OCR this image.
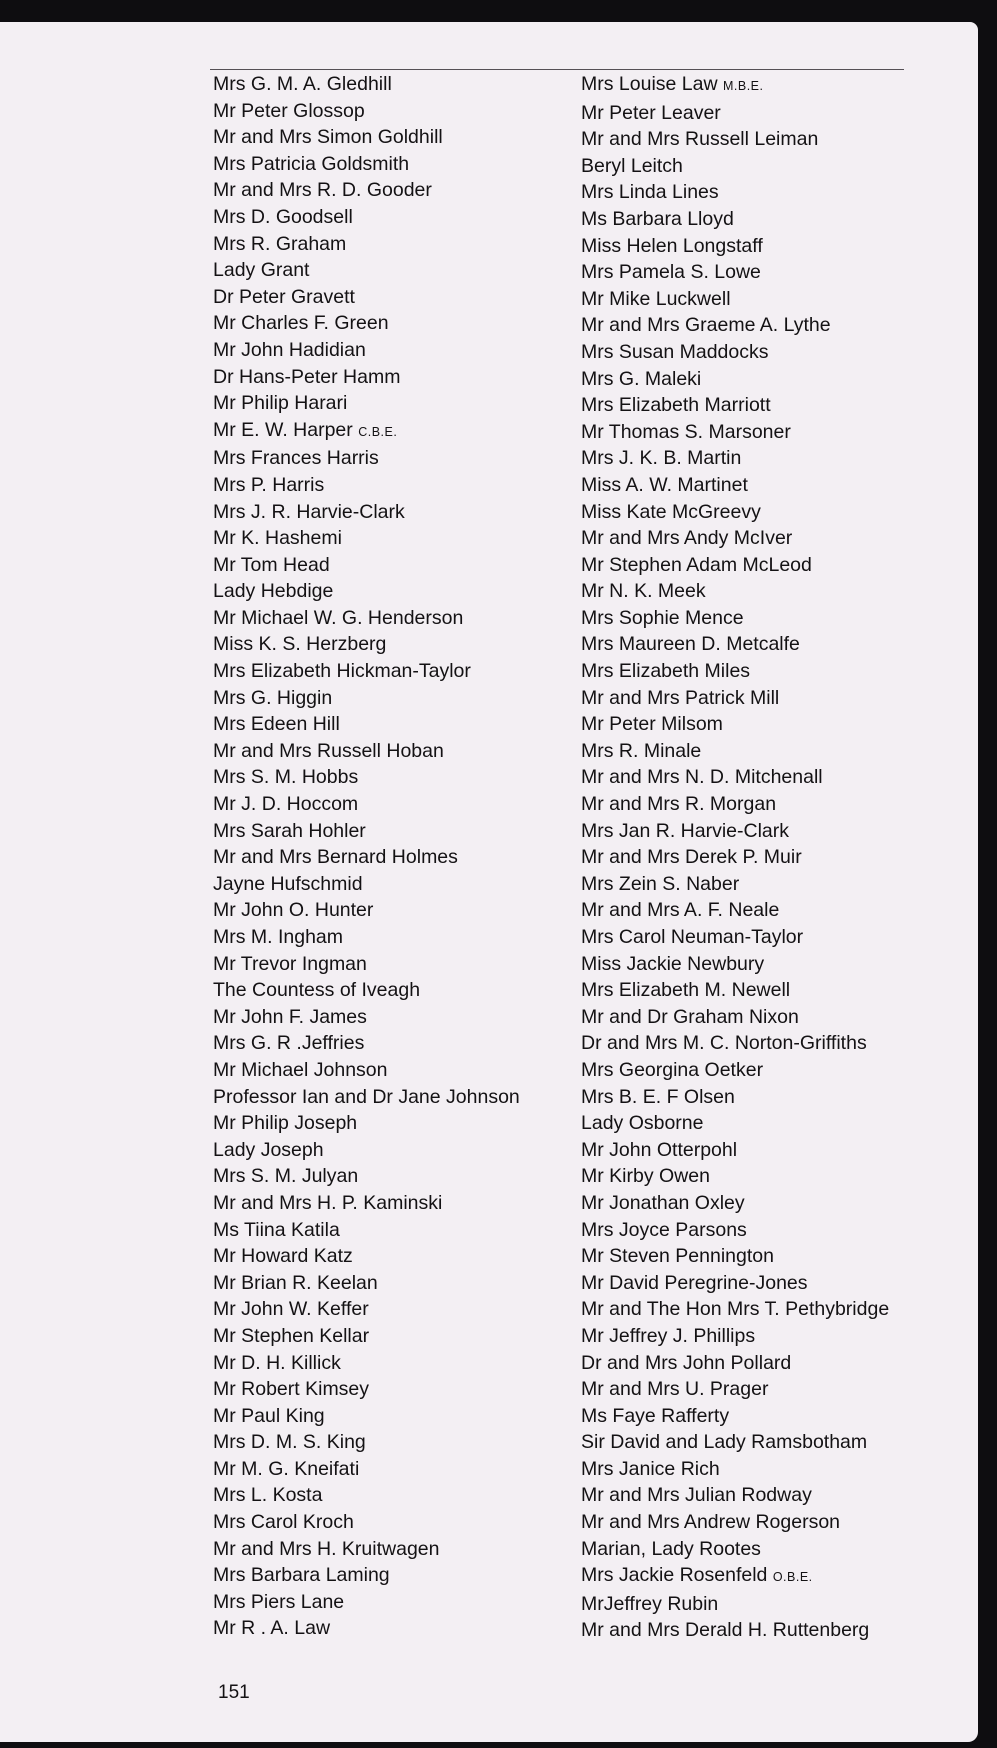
Mrs G. M. A. Gledhill
Mr Peter Glossop
Mr and Mrs Simon Goldhill
Mrs Patricia Goldsmith
Mr and Mrs R. D. Gooder
Mrs D. Goodsell
Mrs R. Graham
Lady Grant
Dr Peter Gravett
Mr Charles F. Green
Mr John Hadidian
Dr Hans-Peter Hamm
Mr Philip Harari
Mr E. W. Harper C.B.E.
Mrs Frances Harris
Mrs P. Harris
Mrs J. R. Harvie-Clark
Mr K. Hashemi
Mr Tom Head
Lady Hebdige
Mr Michael W. G. Henderson
Miss K. S. Herzberg
Mrs Elizabeth Hickman-Taylor
Mrs G. Higgin
Mrs Edeen Hill
Mr and Mrs Russell Hoban
Mrs S. M. Hobbs
Mr J. D. Hoccom
Mrs Sarah Hohler
Mr and Mrs Bernard Holmes
Jayne Hufschmid
Mr John O. Hunter
Mrs M. Ingham
Mr Trevor Ingman
The Countess of Iveagh
Mr John F. James
Mrs G. R .Jeffries
Mr Michael Johnson
Professor Ian and Dr Jane Johnson
Mr Philip Joseph
Lady Joseph
Mrs S. M. Julyan
Mr and Mrs H. P. Kaminski
Ms Tiina Katila
Mr Howard Katz
Mr Brian R. Keelan
Mr John W. Keffer
Mr Stephen Kellar
Mr D. H. Killick
Mr Robert Kimsey
Mr Paul King
Mrs D. M. S. King
Mr M. G. Kneifati
Mrs L. Kosta
Mrs Carol Kroch
Mr and Mrs H. Kruitwagen
Mrs Barbara Laming
Mrs Piers Lane
Mr R . A. Law
Mrs Louise Law M.B.E.
Mr Peter Leaver
Mr and Mrs Russell Leiman
Beryl Leitch
Mrs Linda Lines
Ms Barbara Lloyd
Miss Helen Longstaff
Mrs Pamela S. Lowe
Mr Mike Luckwell
Mr and Mrs Graeme A. Lythe
Mrs Susan Maddocks
Mrs G. Maleki
Mrs Elizabeth Marriott
Mr Thomas S. Marsoner
Mrs J. K. B. Martin
Miss A. W. Martinet
Miss Kate McGreevy
Mr and Mrs Andy McIver
Mr Stephen Adam McLeod
Mr N. K. Meek
Mrs Sophie Mence
Mrs Maureen D. Metcalfe
Mrs Elizabeth Miles
Mr and Mrs Patrick Mill
Mr Peter Milsom
Mrs R. Minale
Mr and Mrs N. D. Mitchenall
Mr and Mrs R. Morgan
Mrs Jan R. Harvie-Clark
Mr and Mrs Derek P. Muir
Mrs Zein S. Naber
Mr and Mrs A. F. Neale
Mrs Carol Neuman-Taylor
Miss Jackie Newbury
Mrs Elizabeth M. Newell
Mr and Dr Graham Nixon
Dr and Mrs M. C. Norton-Griffiths
Mrs Georgina Oetker
Mrs B. E. F Olsen
Lady Osborne
Mr John Otterpohl
Mr Kirby Owen
Mr Jonathan Oxley
Mrs Joyce Parsons
Mr Steven Pennington
Mr David Peregrine-Jones
Mr and The Hon Mrs T. Pethybridge
Mr Jeffrey J. Phillips
Dr and Mrs John Pollard
Mr and Mrs U. Prager
Ms Faye Rafferty
Sir David and Lady Ramsbotham
Mrs Janice Rich
Mr and Mrs Julian Rodway
Mr and Mrs Andrew Rogerson
Marian, Lady Rootes
Mrs Jackie Rosenfeld O.B.E.
MrJeffrey Rubin
Mr and Mrs Derald H. Ruttenberg
151
